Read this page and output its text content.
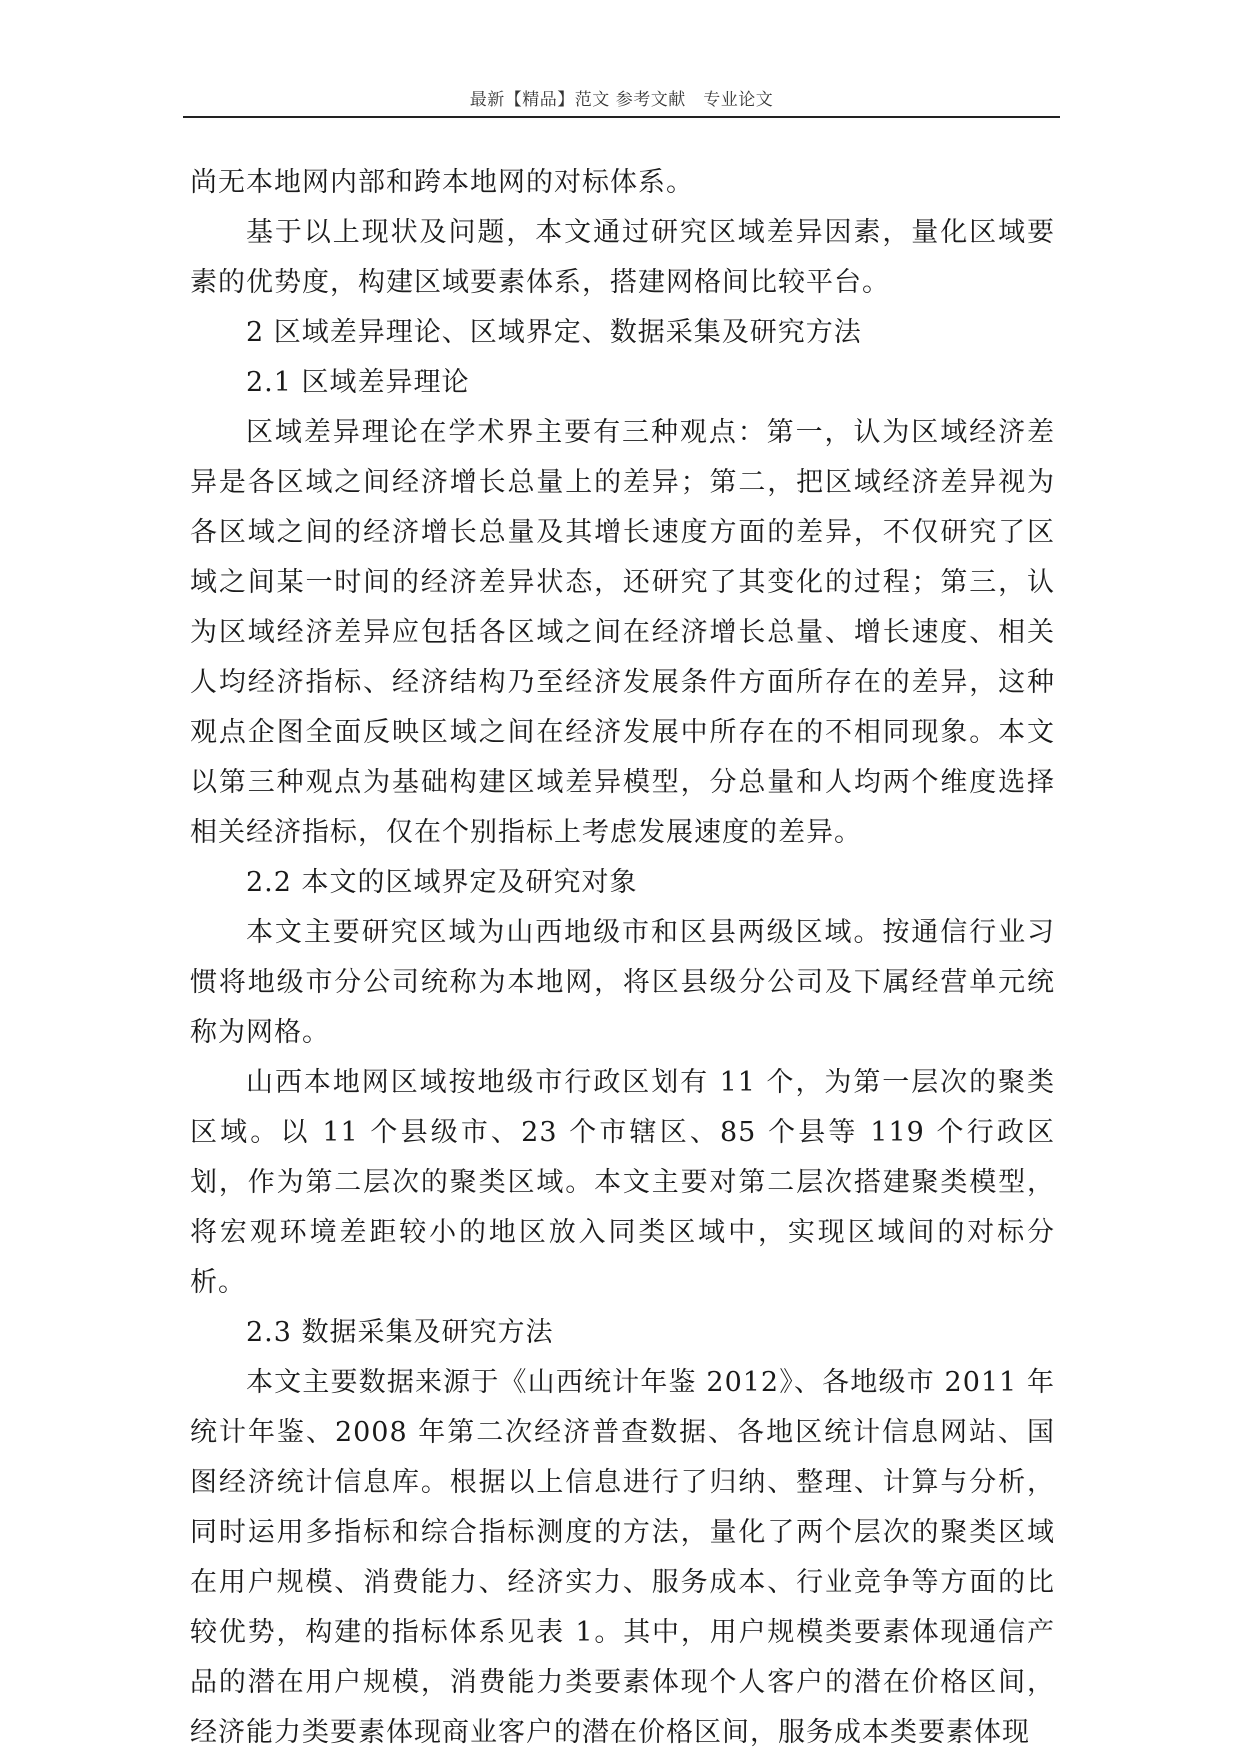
最新【精品】范文 参考文献　专业论文

尚无本地网内部和跨本地网的对标体系。

基于以上现状及问题，本文通过研究区域差异因素，量化区域要素的优势度，构建区域要素体系，搭建网格间比较平台。

2 区域差异理论、区域界定、数据采集及研究方法

2.1 区域差异理论

区域差异理论在学术界主要有三种观点：第一，认为区域经济差异是各区域之间经济增长总量上的差异；第二，把区域经济差异视为各区域之间的经济增长总量及其增长速度方面的差异，不仅研究了区域之间某一时间的经济差异状态，还研究了其变化的过程；第三，认为区域经济差异应包括各区域之间在经济增长总量、增长速度、相关人均经济指标、经济结构乃至经济发展条件方面所存在的差异，这种观点企图全面反映区域之间在经济发展中所存在的不相同现象。本文以第三种观点为基础构建区域差异模型，分总量和人均两个维度选择相关经济指标，仅在个别指标上考虑发展速度的差异。

2.2 本文的区域界定及研究对象

本文主要研究区域为山西地级市和区县两级区域。按通信行业习惯将地级市分公司统称为本地网，将区县级分公司及下属经营单元统称为网格。

山西本地网区域按地级市行政区划有 11 个，为第一层次的聚类区域。以 11 个县级市、23 个市辖区、85 个县等 119 个行政区划，作为第二层次的聚类区域。本文主要对第二层次搭建聚类模型，将宏观环境差距较小的地区放入同类区域中，实现区域间的对标分析。

2.3 数据采集及研究方法

本文主要数据来源于《山西统计年鉴 2012》、各地级市 2011 年统计年鉴、2008 年第二次经济普查数据、各地区统计信息网站、国图经济统计信息库。根据以上信息进行了归纳、整理、计算与分析，同时运用多指标和综合指标测度的方法，量化了两个层次的聚类区域在用户规模、消费能力、经济实力、服务成本、行业竞争等方面的比较优势，构建的指标体系见表 1。其中，用户规模类要素体现通信产品的潜在用户规模，消费能力类要素体现个人客户的潜在价格区间，经济能力类要素体现商业客户的潜在价格区间，服务成本类要素体现
